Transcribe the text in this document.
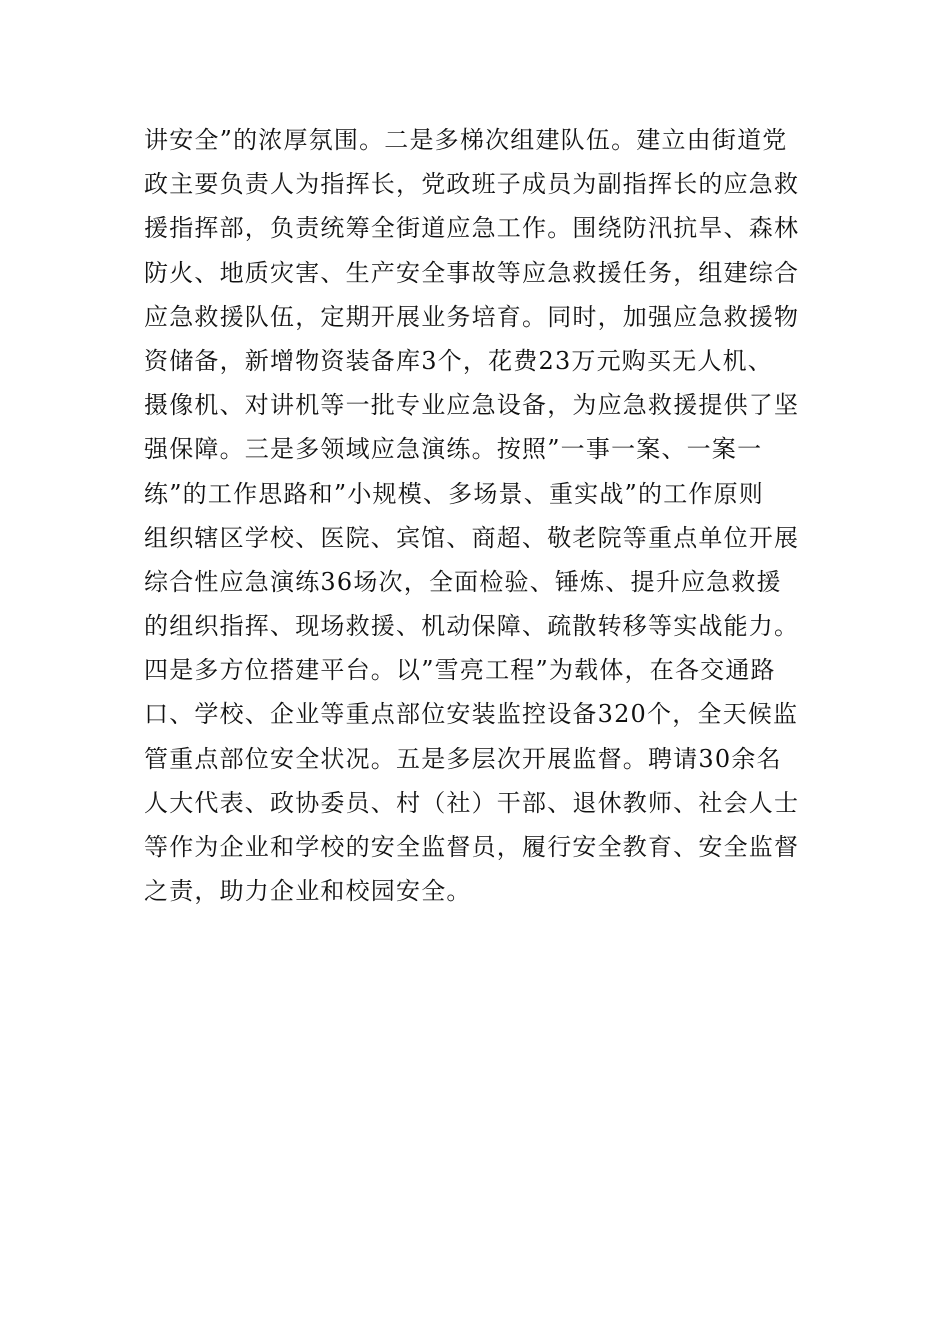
讲安全”的浓厚氛围。二是多梯次组建队伍。建立由街道党
政主要负责人为指挥长，党政班子成员为副指挥长的应急救
援指挥部，负责统筹全街道应急工作。围绕防汛抗旱、森林
防火、地质灾害、生产安全事故等应急救援任务，组建综合
应急救援队伍，定期开展业务培育。同时，加强应急救援物
资储备，新增物资装备库3个，花费23万元购买无人机、
摄像机、对讲机等一批专业应急设备，为应急救援提供了坚
强保障。三是多领域应急演练。按照”一事一案、一案一
练”的工作思路和”小规模、多场景、重实战”的工作原则
组织辖区学校、医院、宾馆、商超、敬老院等重点单位开展
综合性应急演练36场次，全面检验、锤炼、提升应急救援
的组织指挥、现场救援、机动保障、疏散转移等实战能力。
四是多方位搭建平台。以”雪亮工程”为载体，在各交通路
口、学校、企业等重点部位安装监控设备320个，全天候监
管重点部位安全状况。五是多层次开展监督。聘请30余名
人大代表、政协委员、村（社）干部、退休教师、社会人士
等作为企业和学校的安全监督员，履行安全教育、安全监督
之责，助力企业和校园安全。
